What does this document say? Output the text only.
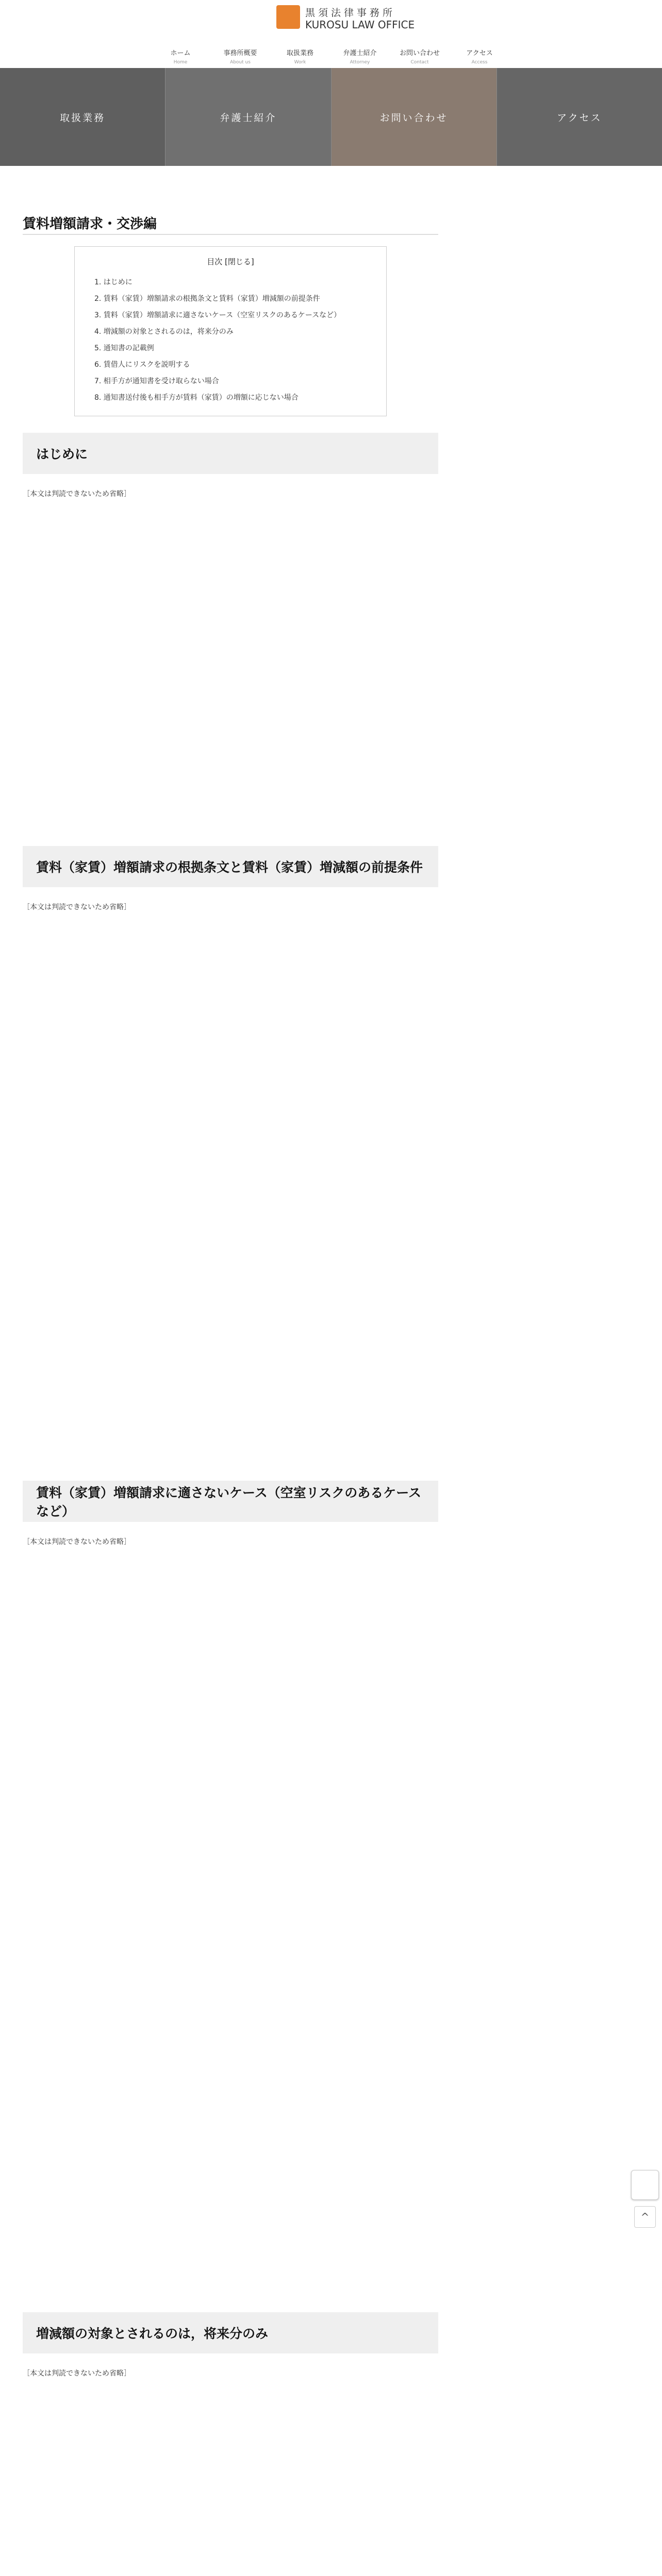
黒須法律事務所
KUROSU LAW OFFICE
ホーム
Home
事務所概要
About us
取扱業務
Work
弁護士紹介
Attorney
お問い合わせ
Contact
アクセス
Access
取扱業務	弁護士紹介	お問い合わせ	アクセス
賃料増額請求・交渉編
目次 [閉じる]
1. はじめに
2. 賃料（家賃）増額請求の根拠条文と賃料（家賃）増減額の前提条件
3. 賃料（家賃）増額請求に適さないケース（空室リスクのあるケースなど）
4. 増減額の対象とされるのは，将来分のみ
5. 通知書の記載例
6. 賃借人にリスクを説明する
7. 相手方が通知書を受け取らない場合
8. 通知書送付後も相手方が賃料（家賃）の増額に応じない場合
はじめに

［本文は判読できないため省略］

賃料（家賃）増額請求の根拠条文と賃料（家賃）増減額の前提条件

［本文は判読できないため省略］

賃料（家賃）増額請求に適さないケース（空室リスクのあるケースなど）

［本文は判読できないため省略］

増減額の対象とされるのは，将来分のみ

［本文は判読できないため省略］

^
